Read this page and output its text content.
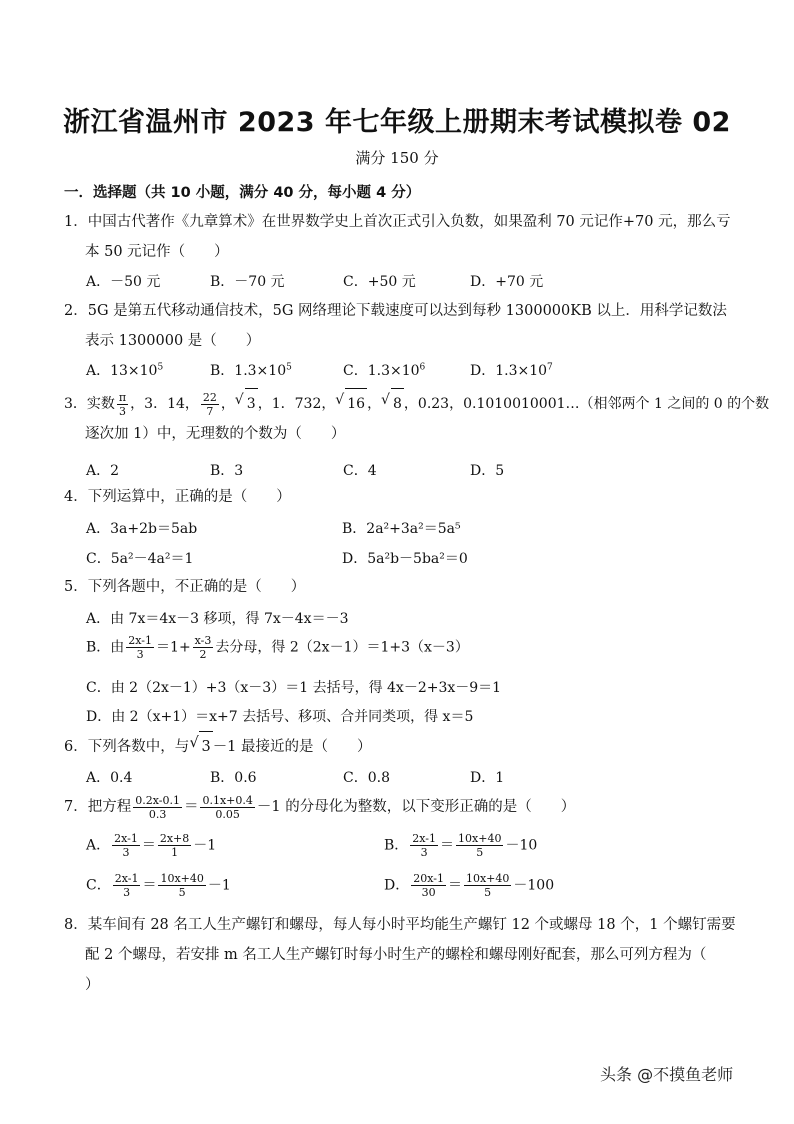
浙江省温州市 2023 年七年级上册期末考试模拟卷 02
满分 150 分
一．选择题（共 10 小题，满分 40 分，每小题 4 分）
1．中国古代著作《九章算术》在世界数学史上首次正式引入负数，如果盈利 70 元记作+70 元，那么亏
本 50 元记作（　　）
A．－50 元	B．－70 元	C．+50 元	D．+70 元
2．5G 是第五代移动通信技术，5G 网络理论下载速度可以达到每秒 1300000KB 以上．用科学记数法
表示 1300000 是（　　）
A．$13\times 10^5$	B．$1.3\times 10^5$	C．$1.3\times 10^6$	D．$1.3\times 10^7$
3．实数 $\frac{\pi}{3}$ ，3．14， $\frac{22}{7}$ ，  √ 3 ，1．732， √ 16 ，  √ 8 ，0.23，0.1010010001…（相邻两个 1 之间的 0 的个数
逐次加 1）中，无理数的个数为（　　）
A．2	B．3	C．4	D．5
4．下列运算中，正确的是（　　）
A．3a+2b＝5ab	B．2a²+3a²＝5a⁵
C．5a²－4a²＝1	D．5a²b－5ba²＝0
5．下列各题中，不正确的是（　　）
A．由 7x＝4x－3 移项，得 7x－4x＝－3
B．由 $\frac{2x-1}{3} =1+ \frac{x-3}{2}$ 去分母，得 2（2x－1）＝1+3（x－3）
C．由 2（2x－1）+3（x－3）＝1 去括号，得 4x－2+3x－9＝1
D．由 2（x+1）＝x+7 去括号、移项、合并同类项，得 x＝5
6．下列各数中，与 √ 3 －1 最接近的是（　　）
A．0.4	B．0.6	C．0.8	D．1
7．把方程 $\frac{0.2x-0.1}{0.3} = \frac{0.1x+0.4}{0.05} -1$ 的分母化为整数，以下变形正确的是（　　）
A． $\frac{2x-1}{3} = \frac{2x+8}{1} -1$	B． $\frac{2x-1}{3} = \frac{10x+40}{5} -10$
C． $\frac{2x-1}{3} = \frac{10x+40}{5} -1$	D． $\frac{20x-1}{30} = \frac{10x+40}{5} -100$
8．某车间有 28 名工人生产螺钉和螺母，每人每小时平均能生产螺钉 12 个或螺母 18 个，1 个螺钉需要
配 2 个螺母，若安排 m 名工人生产螺钉时每小时生产的螺栓和螺母刚好配套，那么可列方程为（
）
头条 @不摸鱼老师
